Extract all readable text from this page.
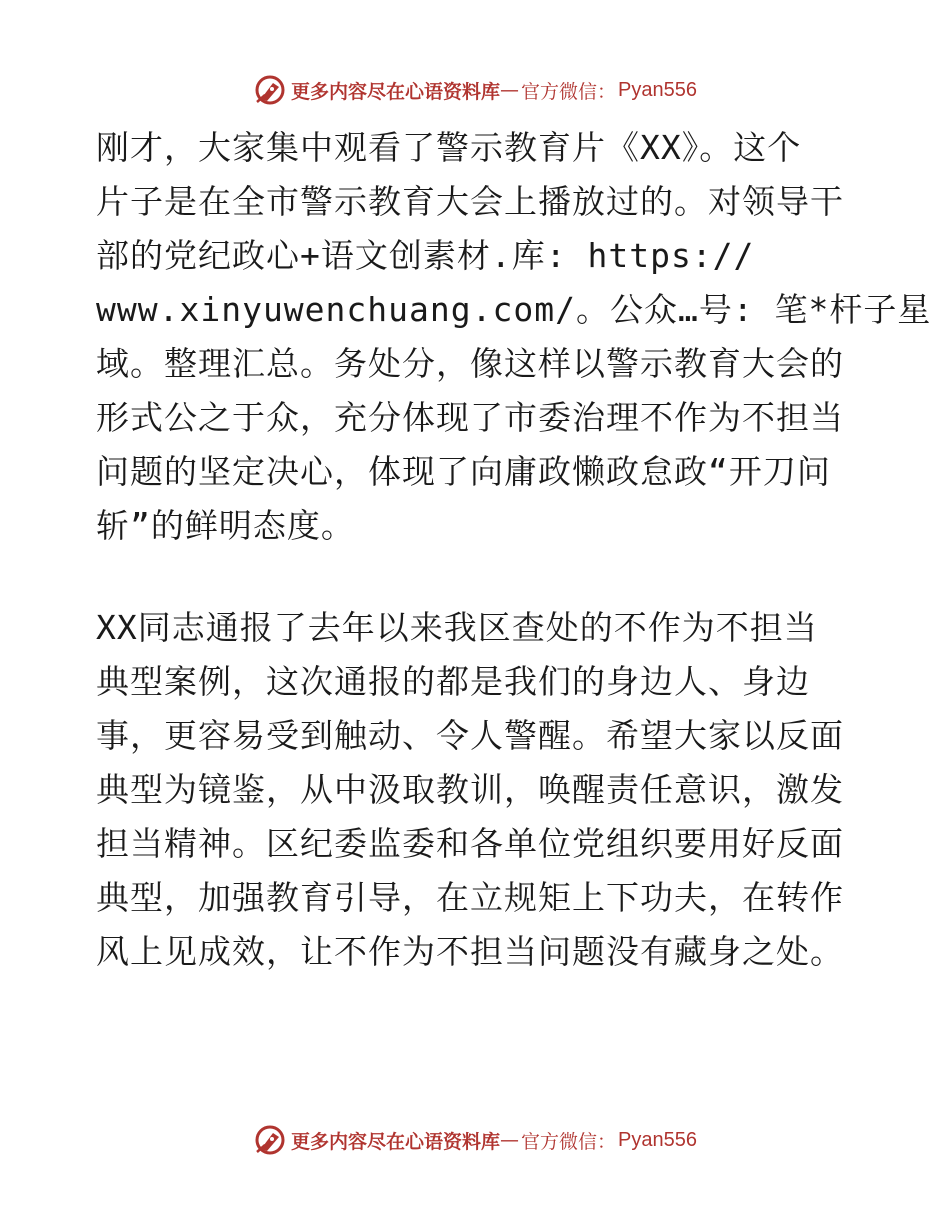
更多内容尽在心语资料库 — 官方微信： Pyan556
刚才，大家集中观看了警示教育片《XX》。这个
片子是在全市警示教育大会上播放过的。对领导干
部的党纪政心+语文创素材.库: https://
www.xinyuwenchuang.com/。公众…号: 笔*杆子星
域。整理汇总。务处分，像这样以警示教育大会的
形式公之于众，充分体现了市委治理不作为不担当
问题的坚定决心，体现了向庸政懒政怠政“开刀问
斩”的鲜明态度。
XX同志通报了去年以来我区查处的不作为不担当
典型案例，这次通报的都是我们的身边人、身边
事，更容易受到触动、令人警醒。希望大家以反面
典型为镜鉴，从中汲取教训，唤醒责任意识，激发
担当精神。区纪委监委和各单位党组织要用好反面
典型，加强教育引导，在立规矩上下功夫，在转作
风上见成效，让不作为不担当问题没有藏身之处。
更多内容尽在心语资料库 — 官方微信： Pyan556
